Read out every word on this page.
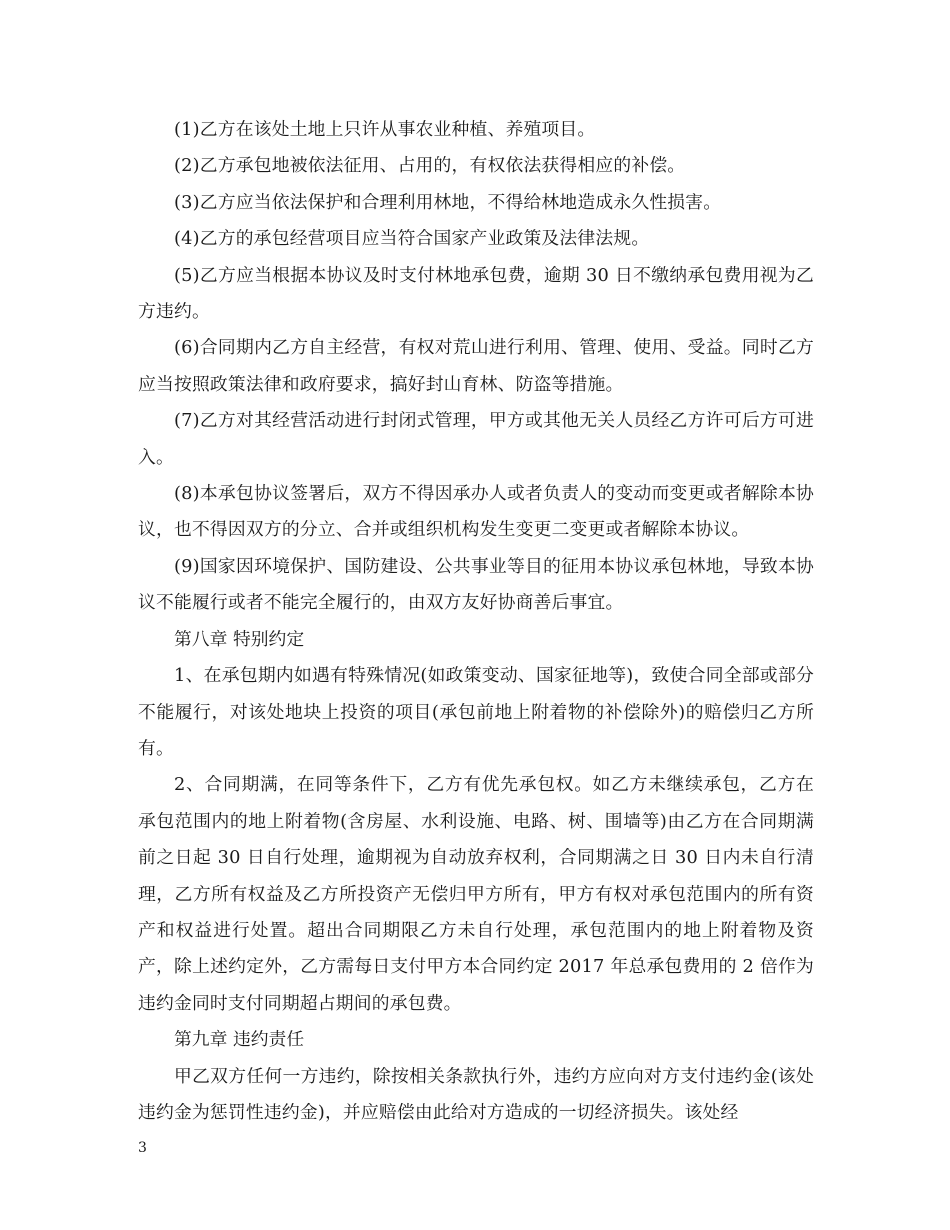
(1)乙方在该处土地上只许从事农业种植、养殖项目。

(2)乙方承包地被依法征用、占用的，有权依法获得相应的补偿。

(3)乙方应当依法保护和合理利用林地，不得给林地造成永久性损害。

(4)乙方的承包经营项目应当符合国家产业政策及法律法规。

(5)乙方应当根据本协议及时支付林地承包费，逾期 30 日不缴纳承包费用视为乙方违约。

(6)合同期内乙方自主经营，有权对荒山进行利用、管理、使用、受益。同时乙方应当按照政策法律和政府要求，搞好封山育林、防盗等措施。

(7)乙方对其经营活动进行封闭式管理，甲方或其他无关人员经乙方许可后方可进入。

(8)本承包协议签署后，双方不得因承办人或者负责人的变动而变更或者解除本协议，也不得因双方的分立、合并或组织机构发生变更二变更或者解除本协议。

(9)国家因环境保护、国防建设、公共事业等目的征用本协议承包林地，导致本协议不能履行或者不能完全履行的，由双方友好协商善后事宜。

第八章 特别约定

1、在承包期内如遇有特殊情况(如政策变动、国家征地等)，致使合同全部或部分不能履行，对该处地块上投资的项目(承包前地上附着物的补偿除外)的赔偿归乙方所有。

2、合同期满，在同等条件下，乙方有优先承包权。如乙方未继续承包，乙方在承包范围内的地上附着物(含房屋、水利设施、电路、树、围墙等)由乙方在合同期满前之日起 30 日自行处理，逾期视为自动放弃权利，合同期满之日 30 日内未自行清理，乙方所有权益及乙方所投资产无偿归甲方所有，甲方有权对承包范围内的所有资产和权益进行处置。超出合同期限乙方未自行处理，承包范围内的地上附着物及资产，除上述约定外，乙方需每日支付甲方本合同约定 2017 年总承包费用的 2 倍作为违约金同时支付同期超占期间的承包费。

第九章 违约责任

甲乙双方任何一方违约，除按相关条款执行外，违约方应向对方支付违约金(该处违约金为惩罚性违约金)，并应赔偿由此给对方造成的一切经济损失。该处经

3
